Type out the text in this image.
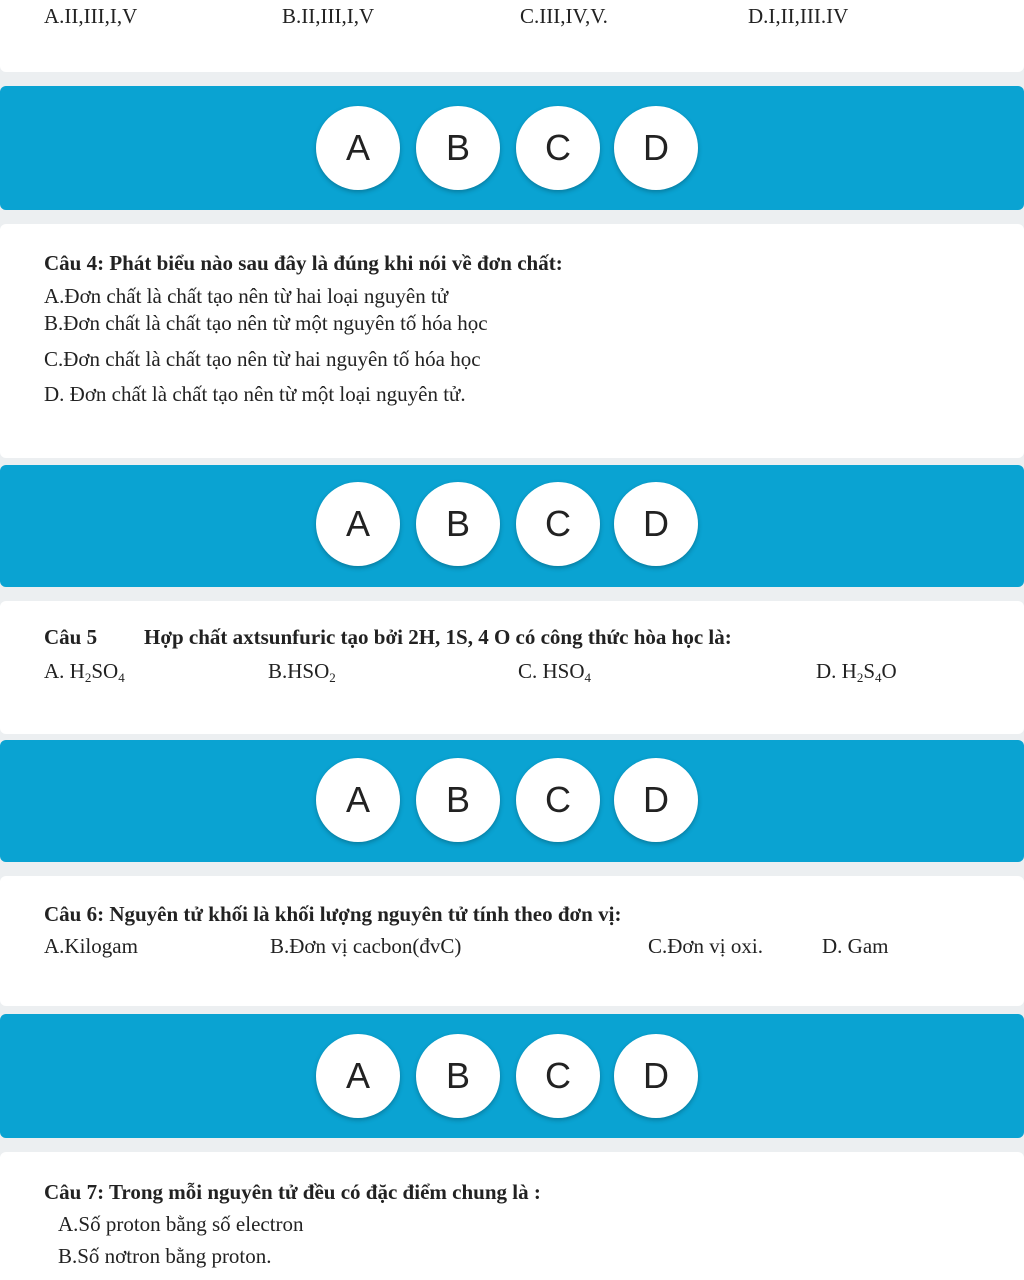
A.II,III,I,V	B.II,III,I,V	C.III,IV,V.	D.I,II,III.IV
A	B	C	D
Câu 4: Phát biểu nào sau đây là đúng khi nói về đơn chất:
A.Đơn chất là chất tạo nên từ hai loại nguyên tử
B.Đơn chất là chất tạo nên từ một nguyên tố hóa học
C.Đơn chất là chất tạo nên từ hai nguyên tố hóa học
D. Đơn chất là chất tạo nên từ một loại nguyên tử.
A	B	C	D
Câu 5 Hợp chất axtsunfuric tạo bởi 2H, 1S, 4 O có công thức hòa học là:
A. $H_2SO_4$	$B.HSO_2$	C. $HSO_4$	D. $H_2S_4O$
A	B	C	D
Câu 6: Nguyên tử khối là khối lượng nguyên tử tính theo đơn vị:
A.Kilogam	B.Đơn vị cacbon(đvC)	C.Đơn vị oxi.	D. Gam
A	B	C	D
Câu 7: Trong mỗi nguyên tử đều có đặc điểm chung là :
A.Số proton bằng số electron
B.Số nơtron bằng proton.
